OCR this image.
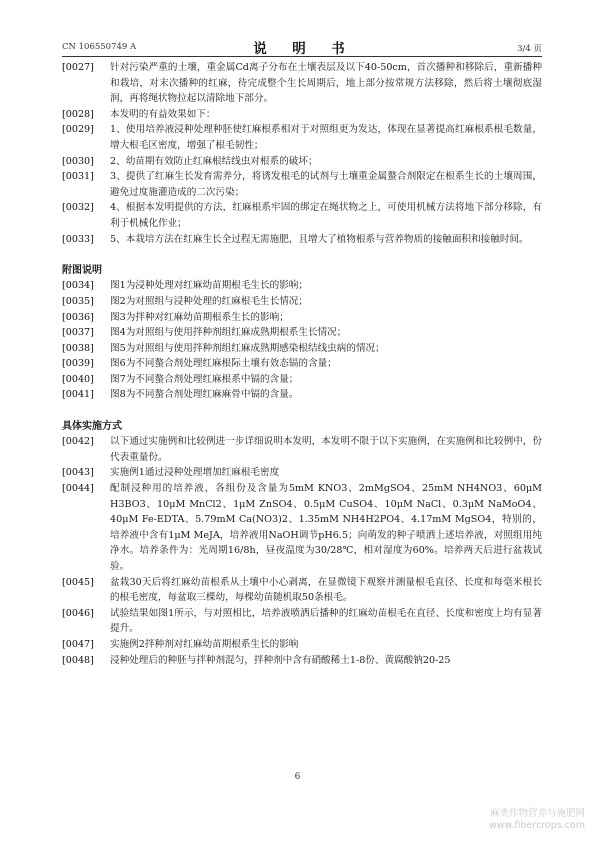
CN 106550749 A	说　明　书	3/4 页
[0027]	针对污染严重的土壤，重金属Cd离子分布在土壤表层及以下40-50cm，首次播种和移除后，重新播种和栽培，对末次播种的红麻，待完成整个生长周期后，地上部分按常规方法移除，然后将土壤彻底湿润，再将绳状物拉起以清除地下部分。
[0028]	本发明的有益效果如下：
[0029]	1、使用培养液浸种处理种胚使红麻根系相对于对照组更为发达，体现在显著提高红麻根系根毛数量，增大根毛区密度，增强了根毛韧性；
[0030]	2、幼苗期有效防止红麻根结线虫对根系的破坏；
[0031]	3、提供了红麻生长发育需养分，将诱发根毛的试剂与土壤重金属螯合剂限定在根系生长的土壤周围，避免过度施灌造成的二次污染；
[0032]	4、根据本发明提供的方法，红麻根系牢固的绑定在绳状物之上，可使用机械方法将地下部分移除，有利于机械化作业；
[0033]	5、本栽培方法在红麻生长全过程无需施肥，且增大了植物根系与营养物质的接触面积和接触时间。
附图说明
[0034]	图1为浸种处理对红麻幼苗期根毛生长的影响；
[0035]	图2为对照组与浸种处理的红麻根毛生长情况；
[0036]	图3为拌种对红麻幼苗期根系生长的影响；
[0037]	图4为对照组与使用拌种剂组红麻成熟期根系生长情况；
[0038]	图5为对照组与使用拌种剂组红麻成熟期感染根结线虫病的情况；
[0039]	图6为不同螯合剂处理红麻根际土壤有效态镉的含量；
[0040]	图7为不同螯合剂处理红麻根系中镉的含量；
[0041]	图8为不同螯合剂处理红麻麻骨中镉的含量。
具体实施方式
[0042]	以下通过实施例和比较例进一步详细说明本发明，本发明不限于以下实施例，在实施例和比较例中，份代表重量份。
[0043]	实施例1通过浸种处理增加红麻根毛密度
[0044]	配制浸种用的培养液，各组份及含量为5mM KNO3、2mMgSO4、25mM NH4NO3、60μM H3BO3、10μM MnCl2、1μM ZnSO4、0.5μM CuSO4、10μM NaCl、0.3μM NaMoO4、40μM Fe-EDTA、5.79mM Ca(NO3)2、1.35mM NH4H2PO4、4.17mM MgSO4，特别的，培养液中含有1μM MeJA，培养液用NaOH调节pH6.5；向萌发的种子喷洒上述培养液，对照组用纯净水。培养条件为：光周期16/8h，昼夜温度为30/28℃，相对湿度为60%。培养两天后进行盆栽试验。
[0045]	盆栽30天后将红麻幼苗根系从土壤中小心剥离，在显微镜下观察并测量根毛直径、长度和每毫米根长的根毛密度，每盆取三棵幼，每棵幼苗随机取50条根毛。
[0046]	试验结果如图1所示，与对照相比，培养液喷洒后播种的红麻幼苗根毛在直径、长度和密度上均有显著提升。
[0047]	实施例2拌种剂对红麻幼苗期根系生长的影响
[0048]	浸种处理后的种胚与拌种剂混匀，拌种剂中含有硝酸稀土1-8份、黄腐酸钠20-25
6
麻类作物营养与施肥网
www.fibercrops.com
